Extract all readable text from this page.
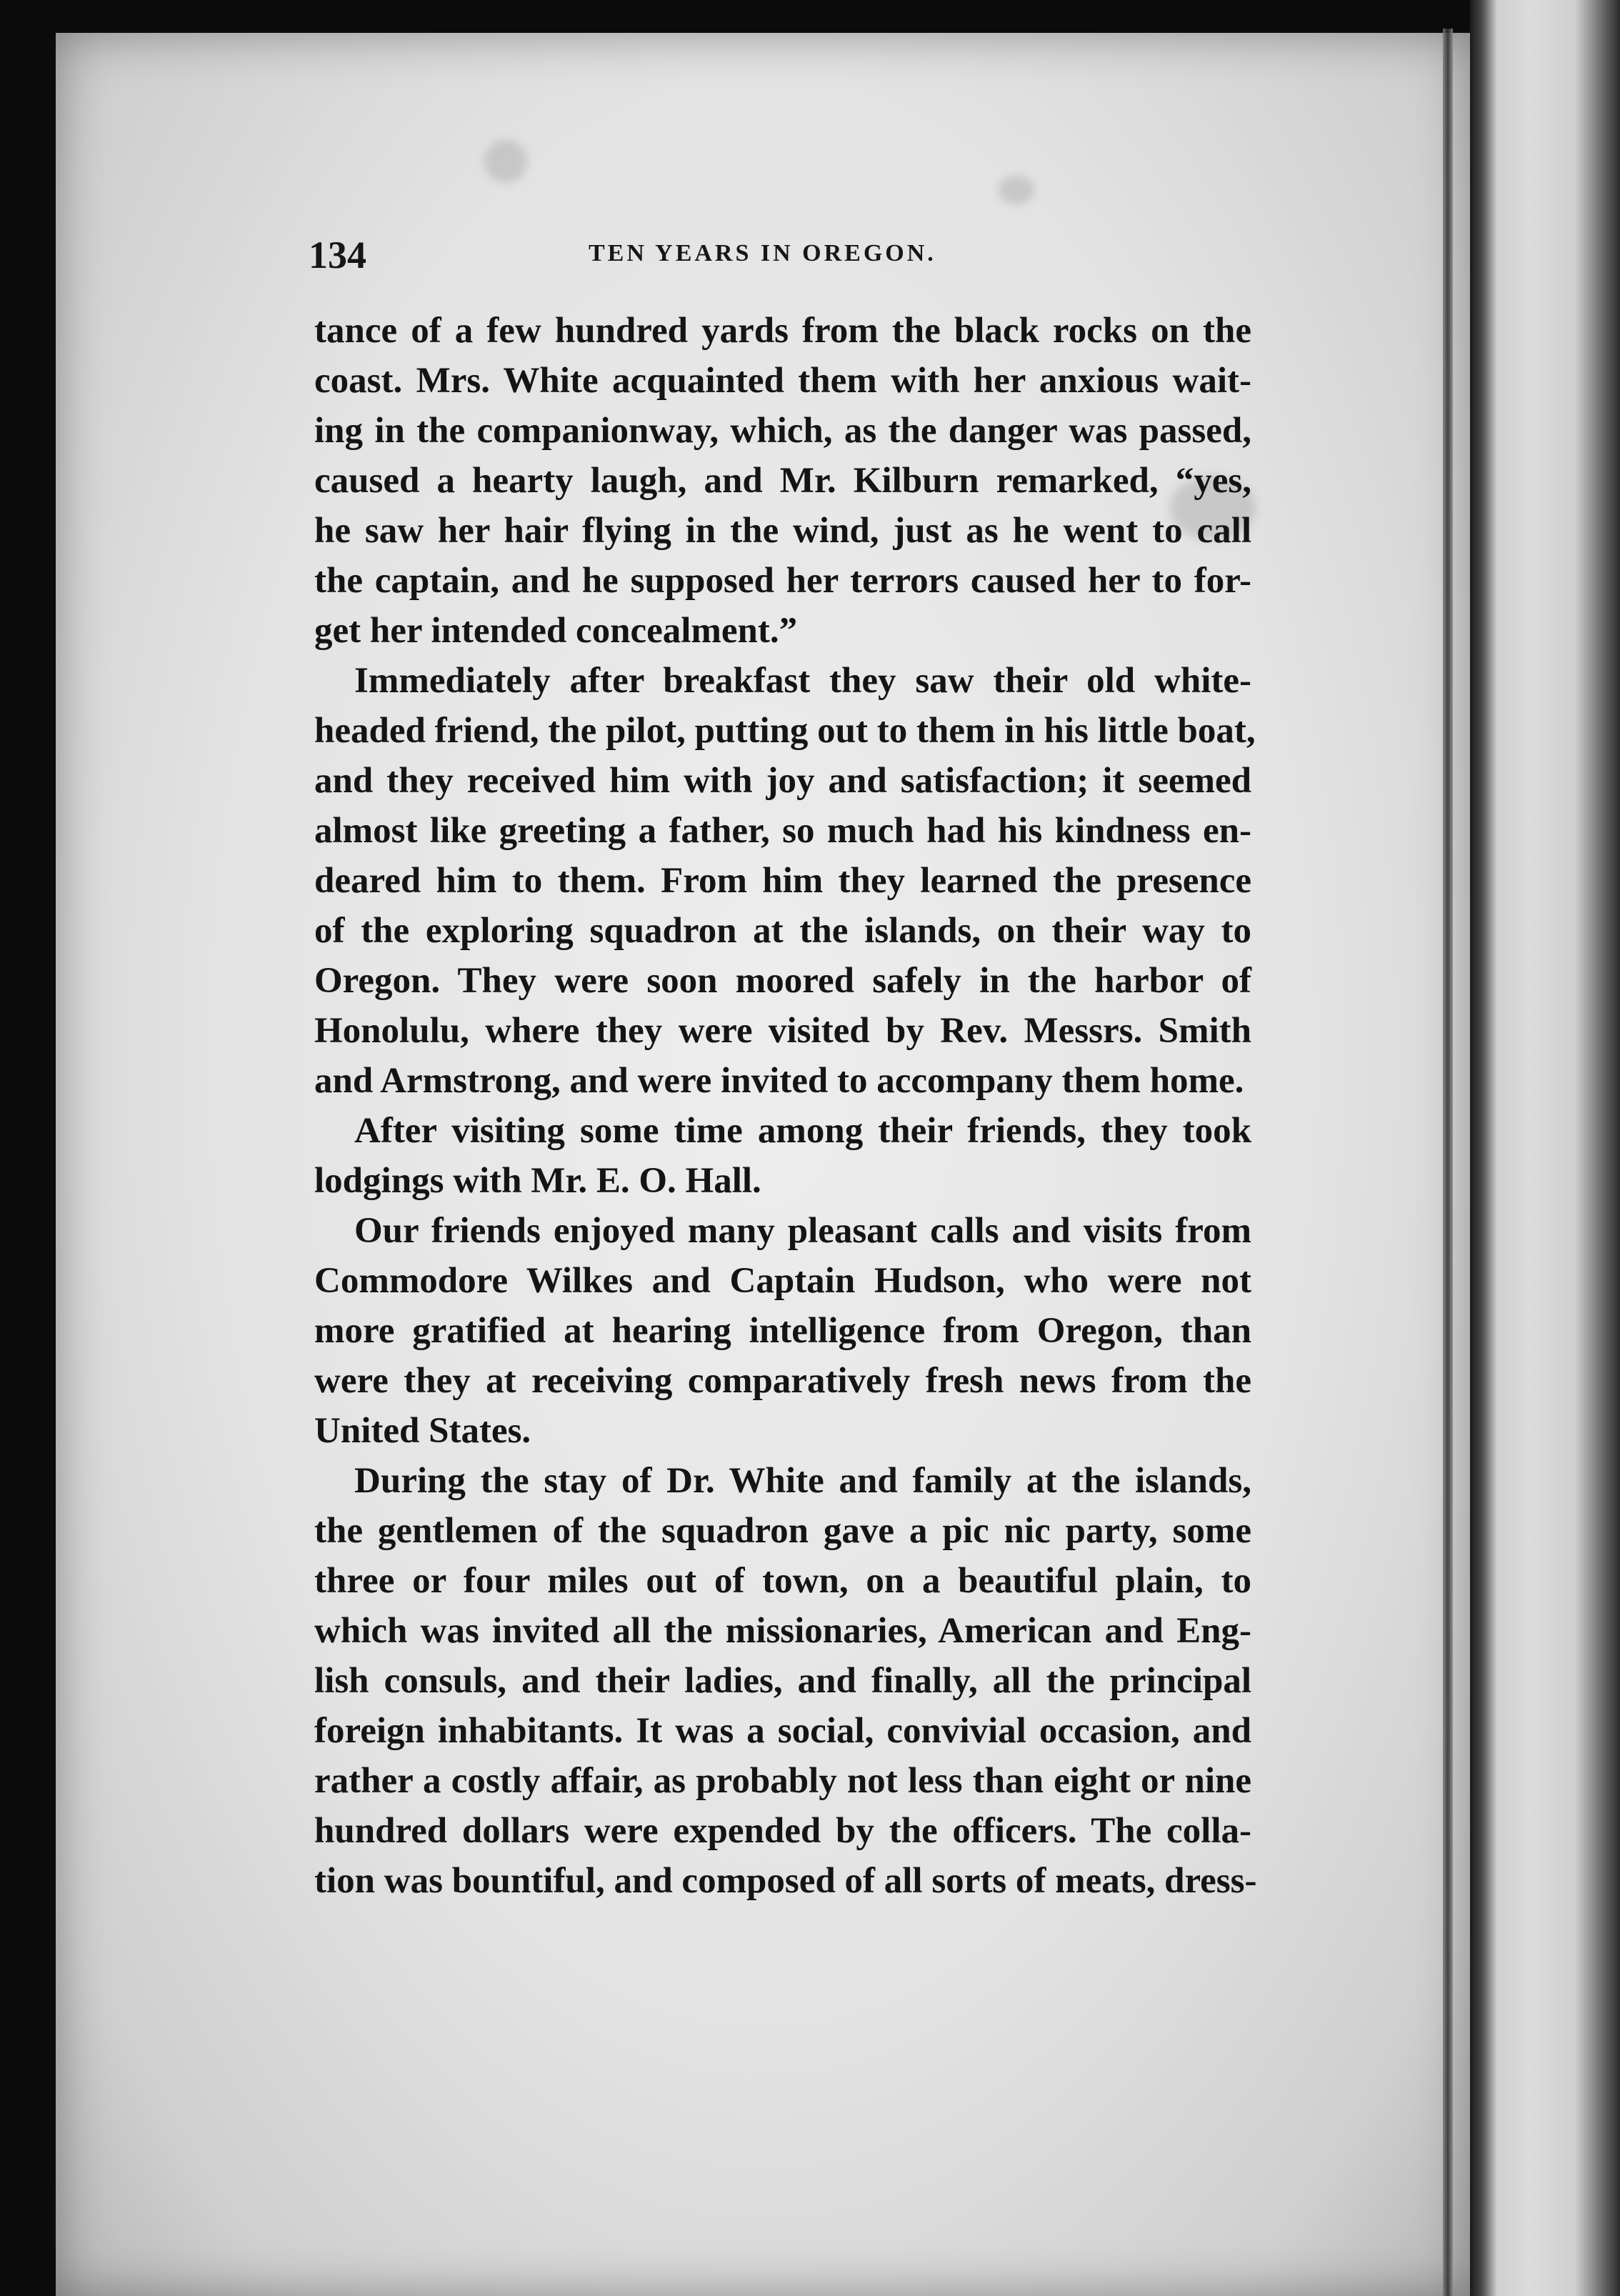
134	TEN YEARS IN OREGON.
tance of a few hundred yards from the black rocks on the
coast. Mrs. White acquainted them with her anxious wait-
ing in the companionway, which, as the danger was passed,
caused a hearty laugh, and Mr. Kilburn remarked, “yes,
he saw her hair flying in the wind, just as he went to call
the captain, and he supposed her terrors caused her to for-
get her intended concealment.”
Immediately after breakfast they saw their old white-
headed friend, the pilot, putting out to them in his little boat,
and they received him with joy and satisfaction; it seemed
almost like greeting a father, so much had his kindness en-
deared him to them. From him they learned the presence
of the exploring squadron at the islands, on their way to
Oregon. They were soon moored safely in the harbor of
Honolulu, where they were visited by Rev. Messrs. Smith
and Armstrong, and were invited to accompany them home.
After visiting some time among their friends, they took
lodgings with Mr. E. O. Hall.
Our friends enjoyed many pleasant calls and visits from
Commodore Wilkes and Captain Hudson, who were not
more gratified at hearing intelligence from Oregon, than
were they at receiving comparatively fresh news from the
United States.
During the stay of Dr. White and family at the islands,
the gentlemen of the squadron gave a pic nic party, some
three or four miles out of town, on a beautiful plain, to
which was invited all the missionaries, American and Eng-
lish consuls, and their ladies, and finally, all the principal
foreign inhabitants. It was a social, convivial occasion, and
rather a costly affair, as probably not less than eight or nine
hundred dollars were expended by the officers. The colla-
tion was bountiful, and composed of all sorts of meats, dress-
